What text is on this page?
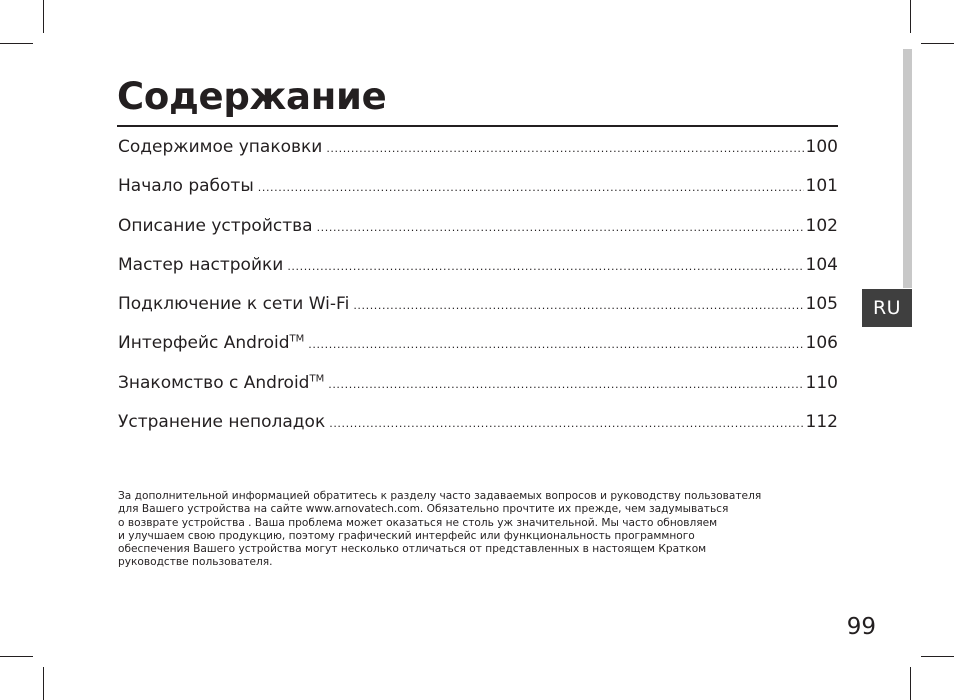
RU
Содержание
Содержимое упаковки .....	100
Начало работы .....	101
Описание устройства .....	102
Мастер настройки .....	104
Подключение к сети Wi-Fi .....	105
Интерфейс Android™ .....	106
Знакомство с Android™ .....	110
Устранение неполадок .....	112

За дополнительной информацией обратитесь к разделу часто задаваемых вопросов и руководству пользователя
для Вашего устройства на сайте www.arnovatech.com. Обязательно прочтите их прежде, чем задумываться
о возврате устройства . Ваша проблема может оказаться не столь уж значительной. Мы часто обновляем
и улучшаем свою продукцию, поэтому графический интерфейс или функциональность программного
обеспечения Вашего устройства могут несколько отличаться от представленных в настоящем Кратком
руководстве пользователя.

99
